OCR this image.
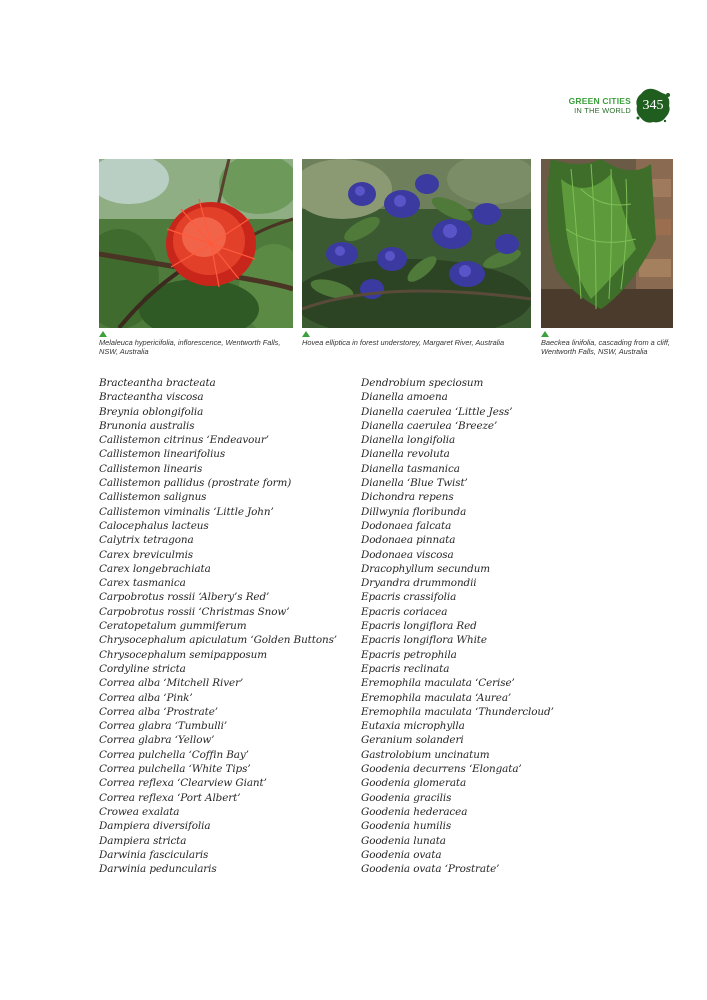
GREEN CITIES
IN THE WORLD 345
Melaleuca hypericifolia, inflorescence, Wentworth Falls, NSW, Australia
Hovea elliptica in forest understorey, Margaret River, Australia	Baeckea linifolia, cascading from a cliff, Wentworth Falls, NSW, Australia
Bracteantha bracteata
Bracteantha viscosa
Breynia oblongifolia
Brunonia australis
Callistemon citrinus ‘Endeavour’
Callistemon linearifolius
Callistemon linearis
Callistemon pallidus (prostrate form)
Callistemon salignus
Callistemon viminalis ‘Little John’
Calocephalus lacteus
Calytrix tetragona
Carex breviculmis
Carex longebrachiata
Carex tasmanica
Carpobrotus rossii ‘Albery’s Red’
Carpobrotus rossii ‘Christmas Snow’
Ceratopetalum gummiferum
Chrysocephalum apiculatum ‘Golden Buttons’
Chrysocephalum semipapposum
Cordyline stricta
Correa alba ‘Mitchell River’
Correa alba ‘Pink’
Correa alba ‘Prostrate’
Correa glabra ‘Tumbulli’
Correa glabra ‘Yellow’
Correa pulchella ‘Coffin Bay’
Correa pulchella ‘White Tips’
Correa reflexa ‘Clearview Giant’
Correa reflexa ‘Port Albert’
Crowea exalata
Dampiera diversifolia
Dampiera stricta
Darwinia fascicularis
Darwinia peduncularis
Dendrobium speciosum
Dianella amoena
Dianella caerulea ‘Little Jess’
Dianella caerulea ‘Breeze’
Dianella longifolia
Dianella revoluta
Dianella tasmanica
Dianella ‘Blue Twist’
Dichondra repens
Dillwynia floribunda
Dodonaea falcata
Dodonaea pinnata
Dodonaea viscosa
Dracophyllum secundum
Dryandra drummondii
Epacris crassifolia
Epacris coriacea
Epacris longiflora Red
Epacris longiflora White
Epacris petrophila
Epacris reclinata
Eremophila maculata ‘Cerise’
Eremophila maculata ‘Aurea’
Eremophila maculata ‘Thundercloud’
Eutaxia microphylla
Geranium solanderi
Gastrolobium uncinatum
Goodenia decurrens ‘Elongata’
Goodenia glomerata
Goodenia gracilis
Goodenia hederacea
Goodenia humilis
Goodenia lunata
Goodenia ovata
Goodenia ovata ‘Prostrate’
